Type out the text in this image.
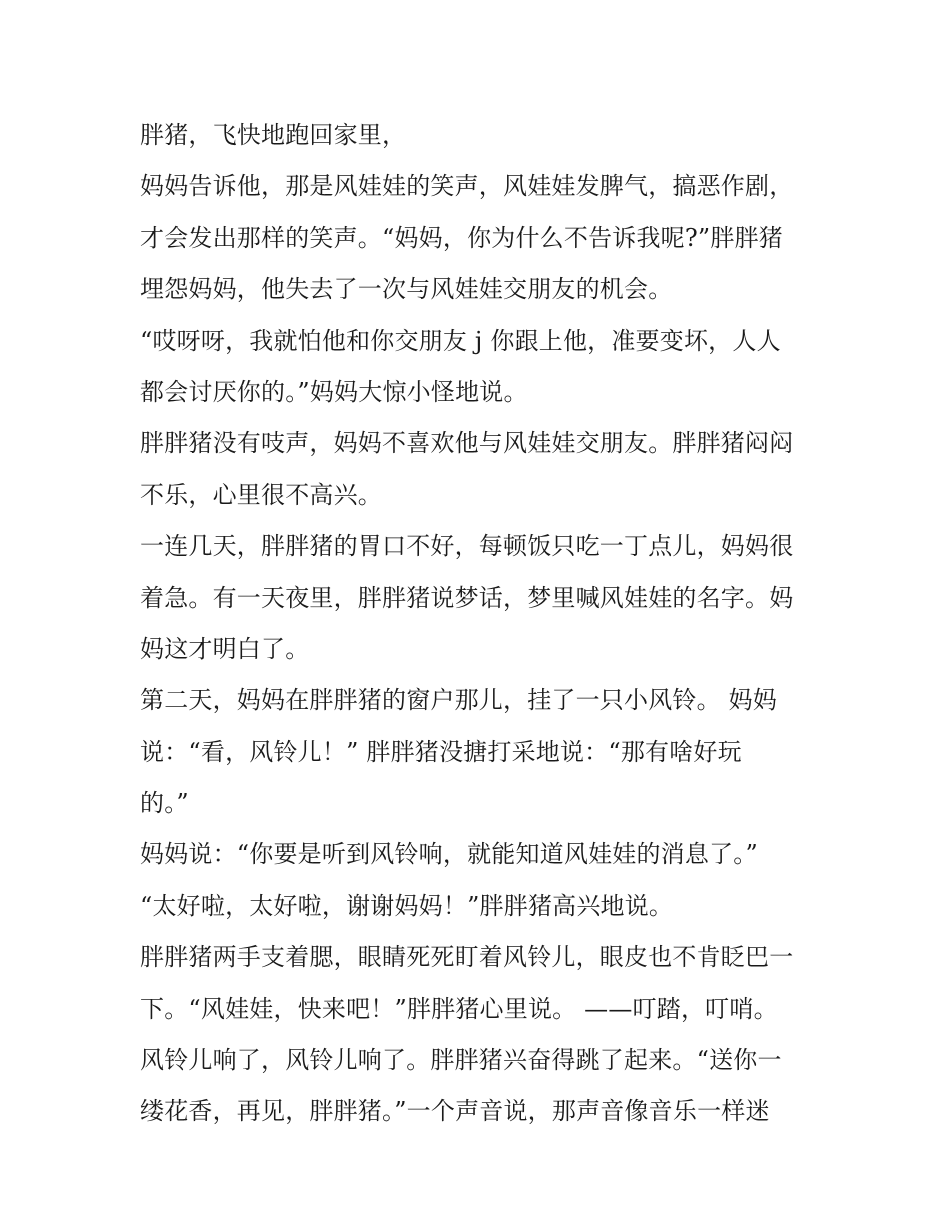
胖猪，飞快地跑回家里，
妈妈告诉他，那是风娃娃的笑声，风娃娃发脾气，搞恶作剧，
才会发出那样的笑声。“妈妈，你为什么不告诉我呢?”胖胖猪
埋怨妈妈，他失去了一次与风娃娃交朋友的机会。
“哎呀呀，我就怕他和你交朋友 j 你跟上他，准要变坏，人人
都会讨厌你的。”妈妈大惊小怪地说。
胖胖猪没有吱声，妈妈不喜欢他与风娃娃交朋友。胖胖猪闷闷
不乐，心里很不高兴。
一连几天，胖胖猪的胃口不好，每顿饭只吃一丁点儿，妈妈很
着急。有一天夜里，胖胖猪说梦话，梦里喊风娃娃的名字。妈
妈这才明白了。
第二天，妈妈在胖胖猪的窗户那儿，挂了一只小风铃。 妈妈
说：“看，风铃儿！” 胖胖猪没搪打采地说：“那有啥好玩
的。”
妈妈说：“你要是听到风铃响，就能知道风娃娃的消息了。”
“太好啦，太好啦，谢谢妈妈！”胖胖猪高兴地说。
胖胖猪两手支着腮，眼睛死死盯着风铃儿，眼皮也不肯眨巴一
下。“风娃娃，快来吧！”胖胖猪心里说。 ——叮踏，叮哨。
风铃儿响了，风铃儿响了。胖胖猪兴奋得跳了起来。“送你一
缕花香，再见，胖胖猪。”一个声音说，那声音像音乐一样迷
